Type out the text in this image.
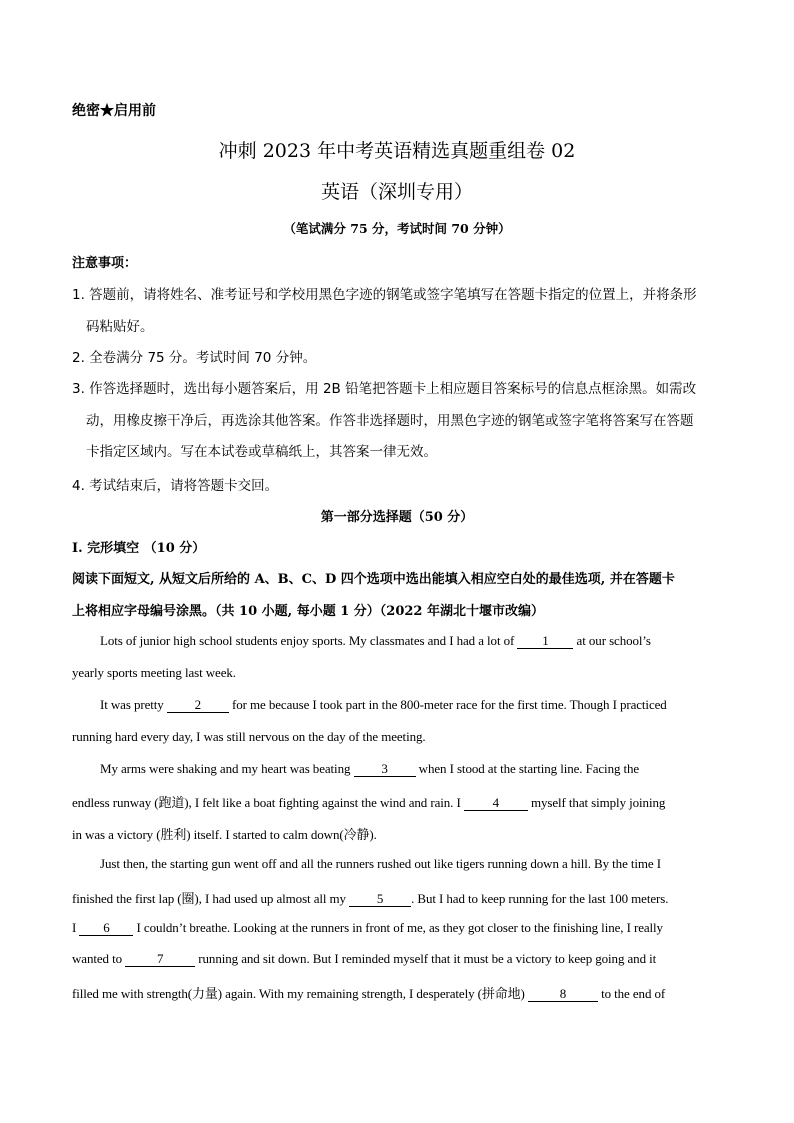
绝密★启用前
冲刺 2023 年中考英语精选真题重组卷 02
英语（深圳专用）
（笔试满分 75 分，考试时间 70 分钟）
注意事项：
1. 答题前，请将姓名、准考证号和学校用黑色字迹的钢笔或签字笔填写在答题卡指定的位置上，并将条形
码粘贴好。
2. 全卷满分 75 分。考试时间 70 分钟。
3. 作答选择题时，选出每小题答案后，用 2B 铅笔把答题卡上相应题目答案标号的信息点框涂黑。如需改
动，用橡皮擦干净后，再选涂其他答案。作答非选择题时，用黑色字迹的钢笔或签字笔将答案写在答题
卡指定区域内。写在本试卷或草稿纸上，其答案一律无效。
4. 考试结束后，请将答题卡交回。
第一部分选择题（50 分）
I. 完形填空 （10 分）
阅读下面短文, 从短文后所给的 A、B、C、D 四个选项中选出能填入相应空白处的最佳选项, 并在答题卡
上将相应字母编号涂黑。（共 10 小题, 每小题 1 分）（2022 年湖北十堰市改编）
Lots of junior high school students enjoy sports. My classmates and I had a lot of 1 at our school’s
yearly sports meeting last week.
It was pretty 2 for me because I took part in the 800-meter race for the first time. Though I practiced
running hard every day, I was still nervous on the day of the meeting.
My arms were shaking and my heart was beating 3 when I stood at the starting line. Facing the
endless runway (跑道), I felt like a boat fighting against the wind and rain. I 4 myself that simply joining
in was a victory (胜利) itself. I started to calm down(冷静).
Just then, the starting gun went off and all the runners rushed out like tigers running down a hill. By the time I
finished the first lap (圈), I had used up almost all my 5 . But I had to keep running for the last 100 meters.
I 6 I couldn’t breathe. Looking at the runners in front of me, as they got closer to the finishing line, I really
wanted to 7 running and sit down. But I reminded myself that it must be a victory to keep going and it
filled me with strength(力量) again. With my remaining strength, I desperately (拼命地) 8 to the end of
